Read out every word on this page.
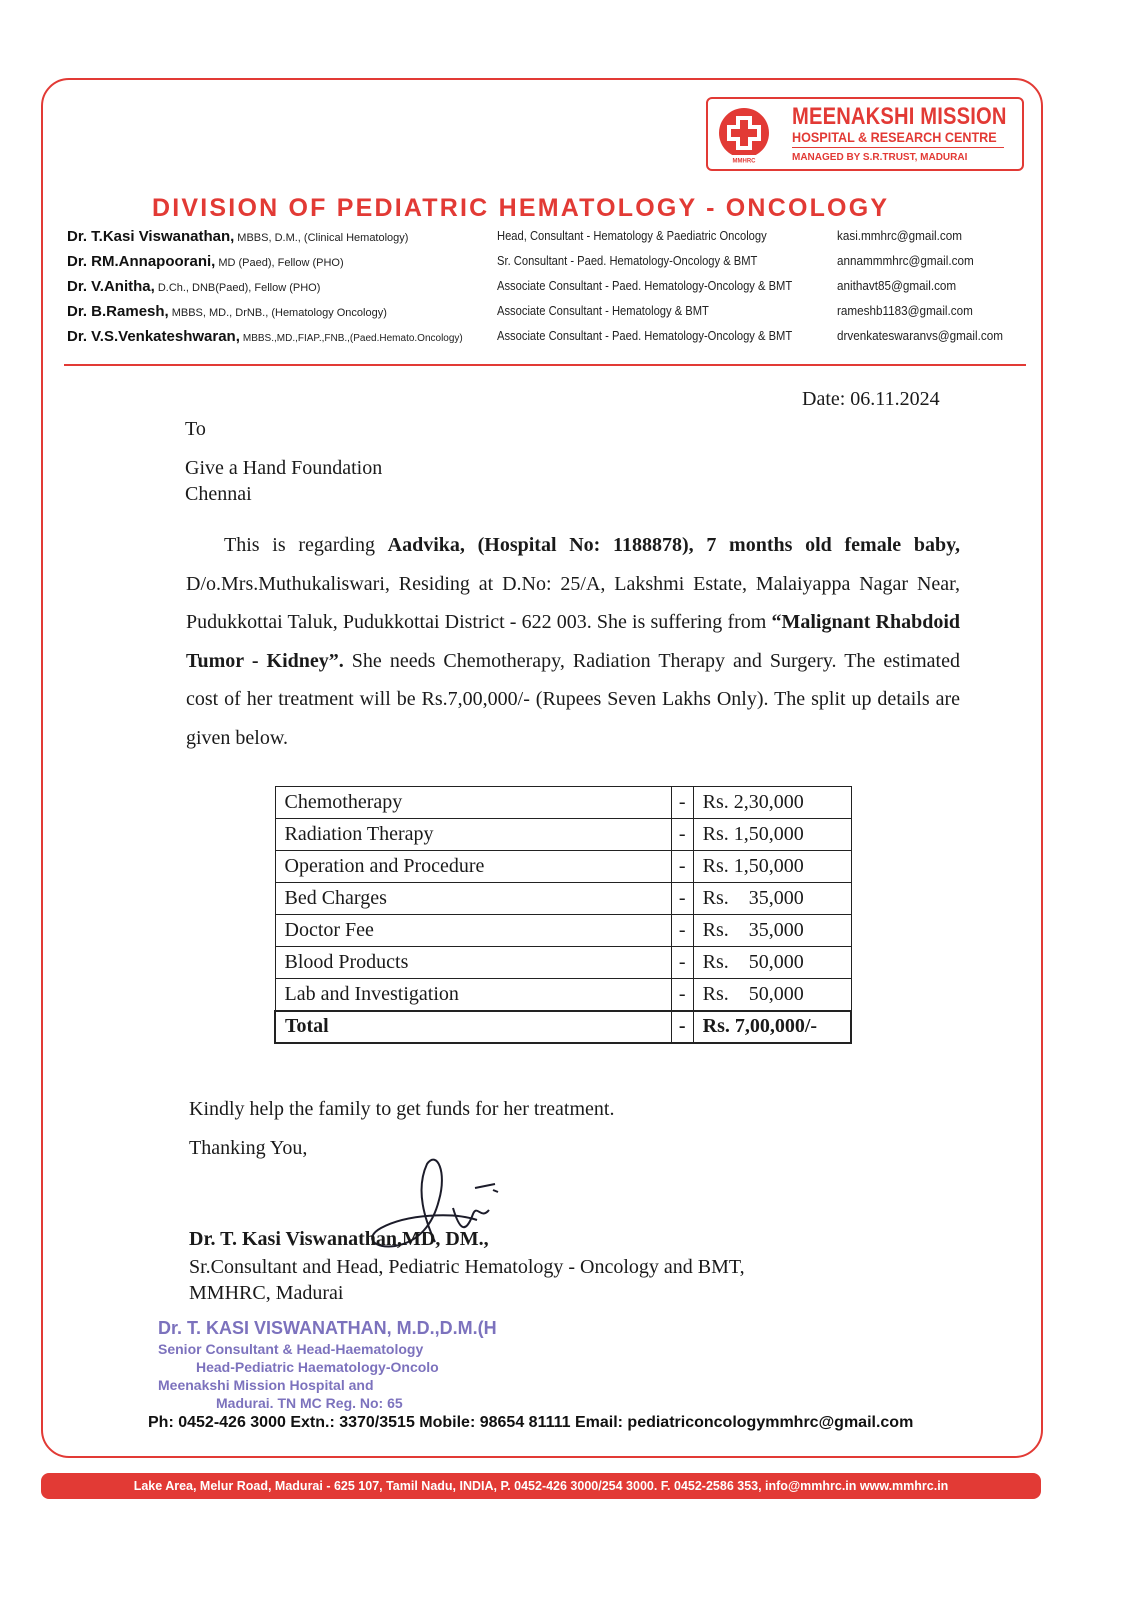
MMHRC
MEENAKSHI MISSION
HOSPITAL & RESEARCH CENTRE
MANAGED BY S.R.TRUST, MADURAI
DIVISION OF PEDIATRIC HEMATOLOGY - ONCOLOGY
Dr. T.Kasi Viswanathan, MBBS, D.M., (Clinical Hematology)	Head, Consultant - Hematology & Paediatric Oncology	kasi.mmhrc@gmail.com
Dr. RM.Annapoorani, MD (Paed), Fellow (PHO)	Sr. Consultant - Paed. Hematology-Oncology & BMT	annammmhrc@gmail.com
Dr. V.Anitha, D.Ch., DNB(Paed), Fellow (PHO)	Associate Consultant - Paed. Hematology-Oncology & BMT	anithavt85@gmail.com
Dr. B.Ramesh, MBBS, MD., DrNB., (Hematology Oncology)	Associate Consultant - Hematology & BMT	rameshb1183@gmail.com
Dr. V.S.Venkateshwaran, MBBS.,MD.,FIAP.,FNB.,(Paed.Hemato.Oncology)	Associate Consultant - Paed. Hematology-Oncology & BMT	drvenkateswaranvs@gmail.com
Date: 06.11.2024
To
Give a Hand Foundation
Chennai
This is regarding Aadvika, (Hospital No: 1188878), 7 months old female baby, D/o.Mrs.Muthukaliswari, Residing at D.No: 25/A, Lakshmi Estate, Malaiyappa Nagar Near, Pudukkottai Taluk, Pudukkottai District - 622 003. She is suffering from “Malignant Rhabdoid Tumor - Kidney”. She needs Chemotherapy, Radiation Therapy and Surgery. The estimated cost of her treatment will be Rs.7,00,000/- (Rupees Seven Lakhs Only). The split up details are given below.
Chemotherapy	-	Rs. 2,30,000
Radiation Therapy	-	Rs. 1,50,000
Operation and Procedure	-	Rs. 1,50,000
Bed Charges	-	Rs.    35,000
Doctor Fee	-	Rs.    35,000
Blood Products	-	Rs.    50,000
Lab and Investigation	-	Rs.    50,000
Total	-	Rs. 7,00,000/-
Kindly help the family to get funds for her treatment.
Thanking You,
Dr. T. Kasi Viswanathan,MD, DM.,
Sr.Consultant and Head, Pediatric Hematology - Oncology and BMT,
MMHRC, Madurai
Dr. T. KASI VISWANATHAN, M.D.,D.M.(H
Senior Consultant & Head-Haematology
Head-Pediatric Haematology-Oncolo
Meenakshi Mission Hospital and
Madurai. TN MC Reg. No: 65
Ph: 0452-426 3000 Extn.: 3370/3515 Mobile: 98654 81111 Email: pediatriconcologymmhrc@gmail.com
Lake Area, Melur Road, Madurai - 625 107, Tamil Nadu, INDIA, P. 0452-426 3000/254 3000. F. 0452-2586 353, info@mmhrc.in www.mmhrc.in
